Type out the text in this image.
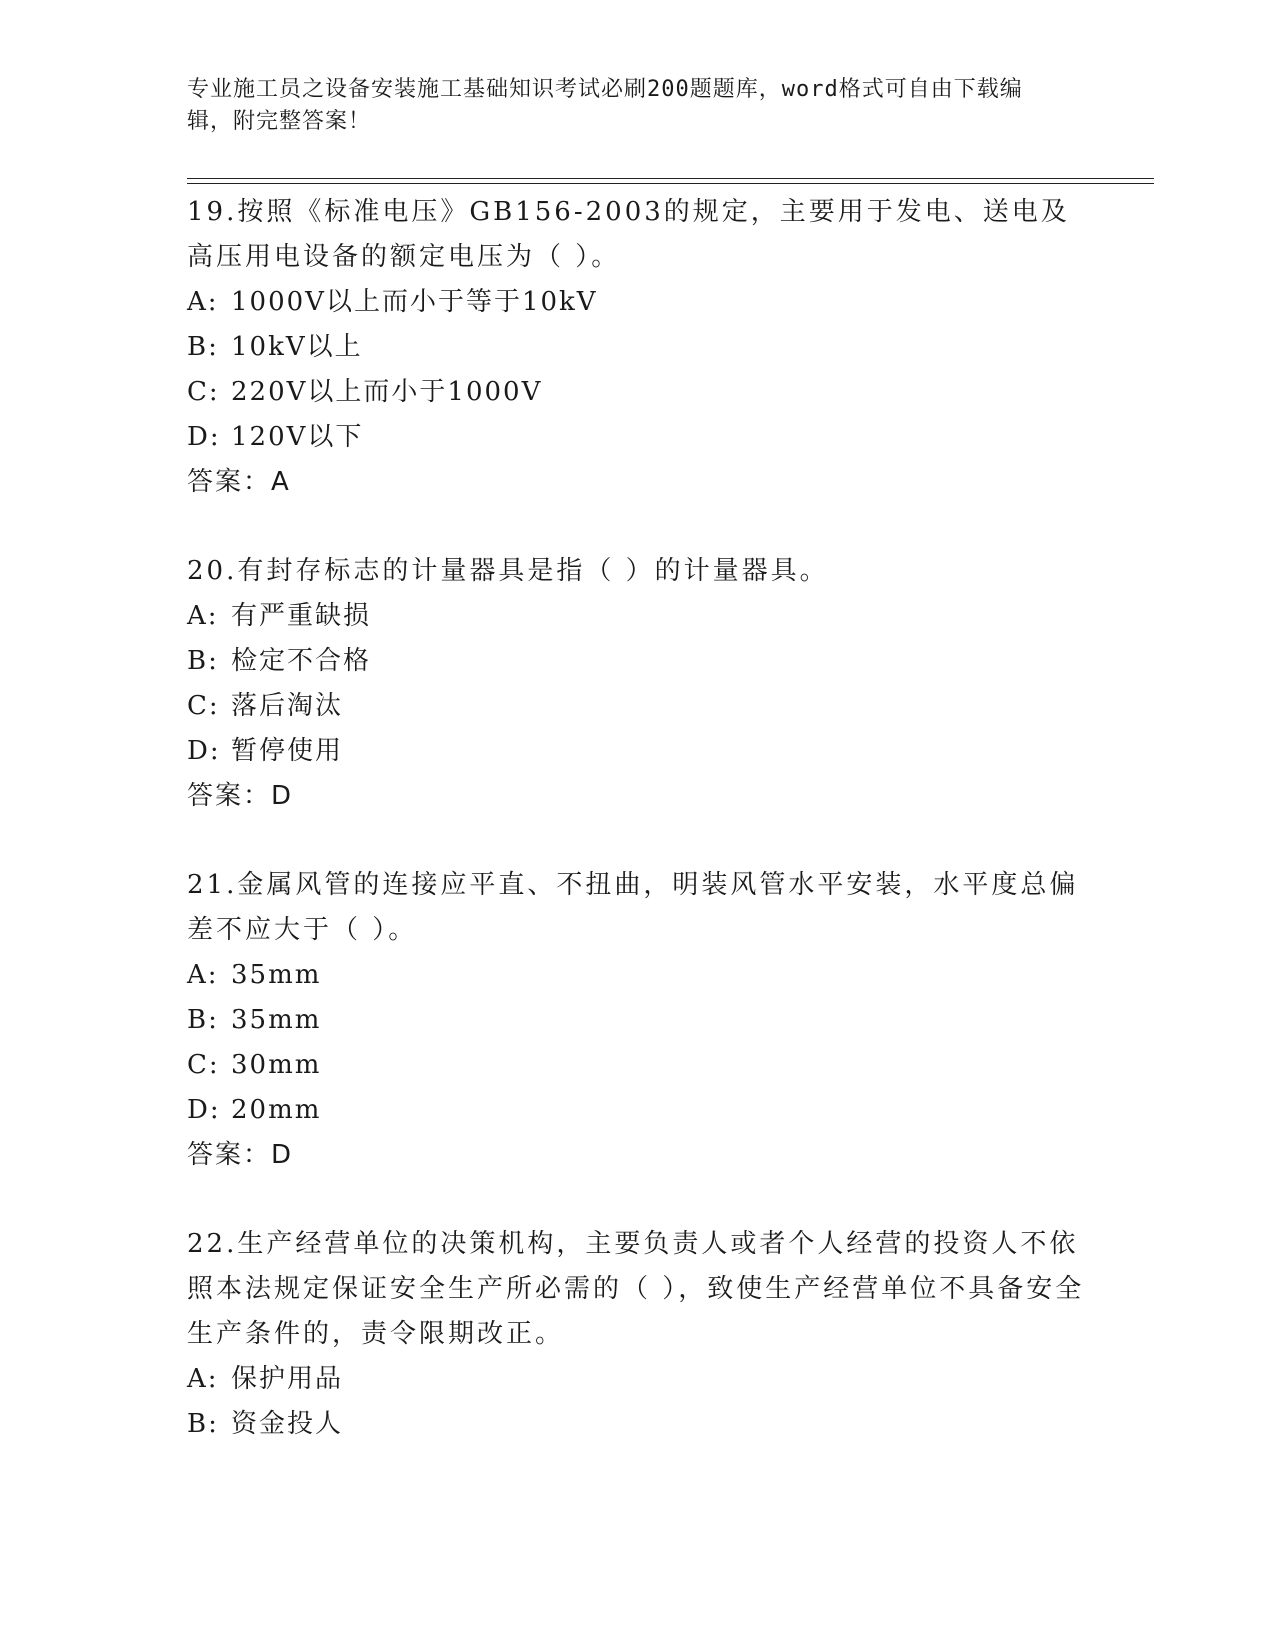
专业施工员之设备安装施工基础知识考试必刷200题题库，word格式可自由下载编辑，附完整答案！

19.按照《标准电压》GB156-2003的规定，主要用于发电、送电及高压用电设备的额定电压为（ ）。

A: 1000V以上而小于等于10kV

B: 10kV以上

C: 220V以上而小于1000V

D: 120V以下

答案：A

20.有封存标志的计量器具是指（ ）的计量器具。

A: 有严重缺损

B: 检定不合格

C: 落后淘汰

D: 暂停使用

答案：D

21.金属风管的连接应平直、不扭曲，明装风管水平安装，水平度总偏差不应大于（ ）。

A: 35mm

B: 35mm

C: 30mm

D: 20mm

答案：D

22.生产经营单位的决策机构，主要负责人或者个人经营的投资人不依照本法规定保证安全生产所必需的（ ），致使生产经营单位不具备安全生产条件的，责令限期改正。

A: 保护用品

B: 资金投人
